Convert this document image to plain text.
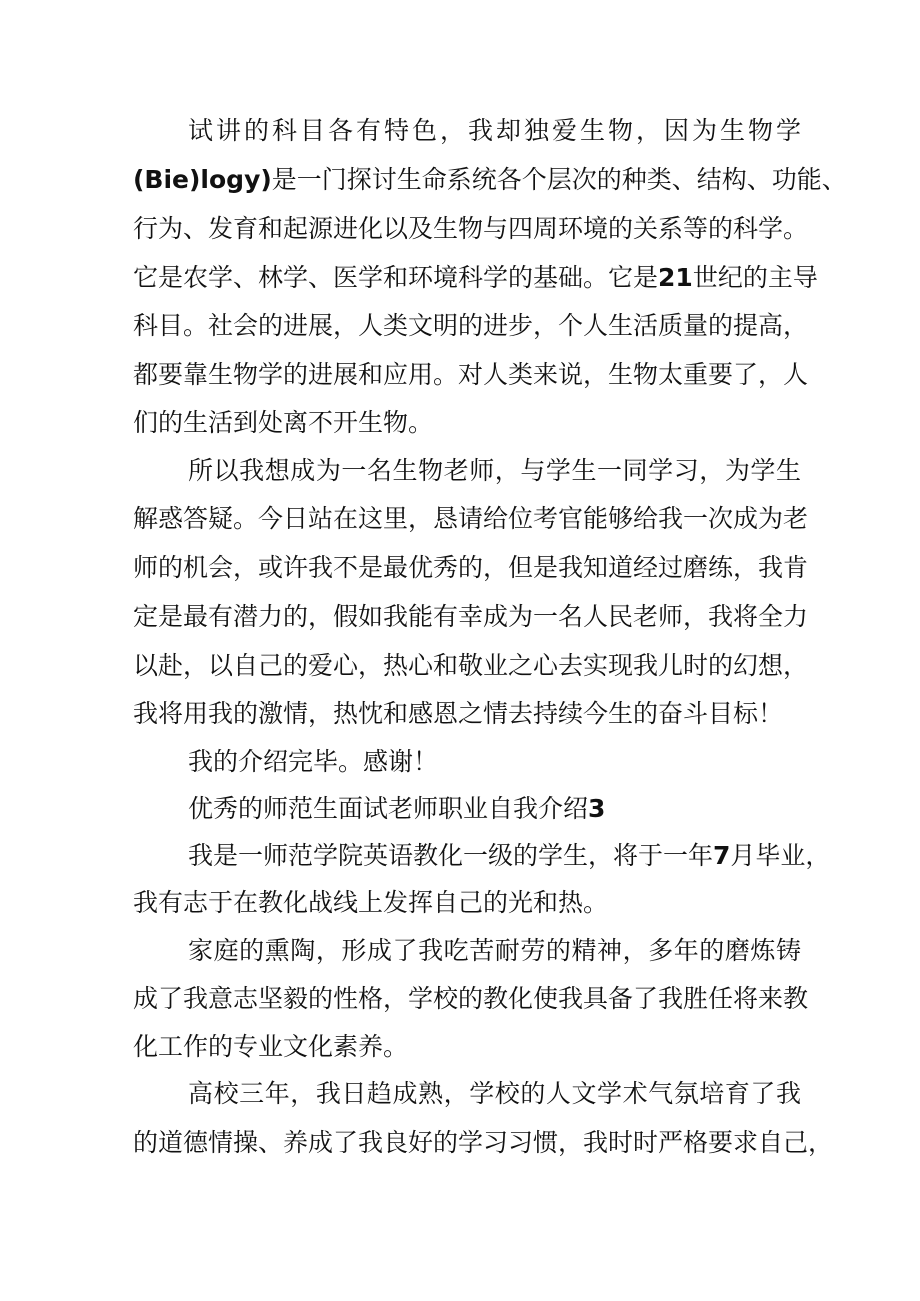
试讲的科目各有特色，我却独爱生物，因为生物学
(Bie)logy)是一门探讨生命系统各个层次的种类、结构、功能、
行为、发育和起源进化以及生物与四周环境的关系等的科学。
它是农学、林学、医学和环境科学的基础。它是21世纪的主导
科目。社会的进展，人类文明的进步，个人生活质量的提高，
都要靠生物学的进展和应用。对人类来说，生物太重要了，人
们的生活到处离不开生物。
所以我想成为一名生物老师，与学生一同学习，为学生
解惑答疑。今日站在这里，恳请给位考官能够给我一次成为老
师的机会，或许我不是最优秀的，但是我知道经过磨练，我肯
定是最有潜力的，假如我能有幸成为一名人民老师，我将全力
以赴，以自己的爱心，热心和敬业之心去实现我儿时的幻想，
我将用我的激情，热忱和感恩之情去持续今生的奋斗目标！
我的介绍完毕。感谢！
优秀的师范生面试老师职业自我介绍3
我是一师范学院英语教化一级的学生，将于一年7月毕业，
我有志于在教化战线上发挥自己的光和热。
家庭的熏陶，形成了我吃苦耐劳的精神，多年的磨炼铸
成了我意志坚毅的性格，学校的教化使我具备了我胜任将来教
化工作的专业文化素养。
高校三年，我日趋成熟，学校的人文学术气氛培育了我
的道德情操、养成了我良好的学习习惯，我时时严格要求自己，
